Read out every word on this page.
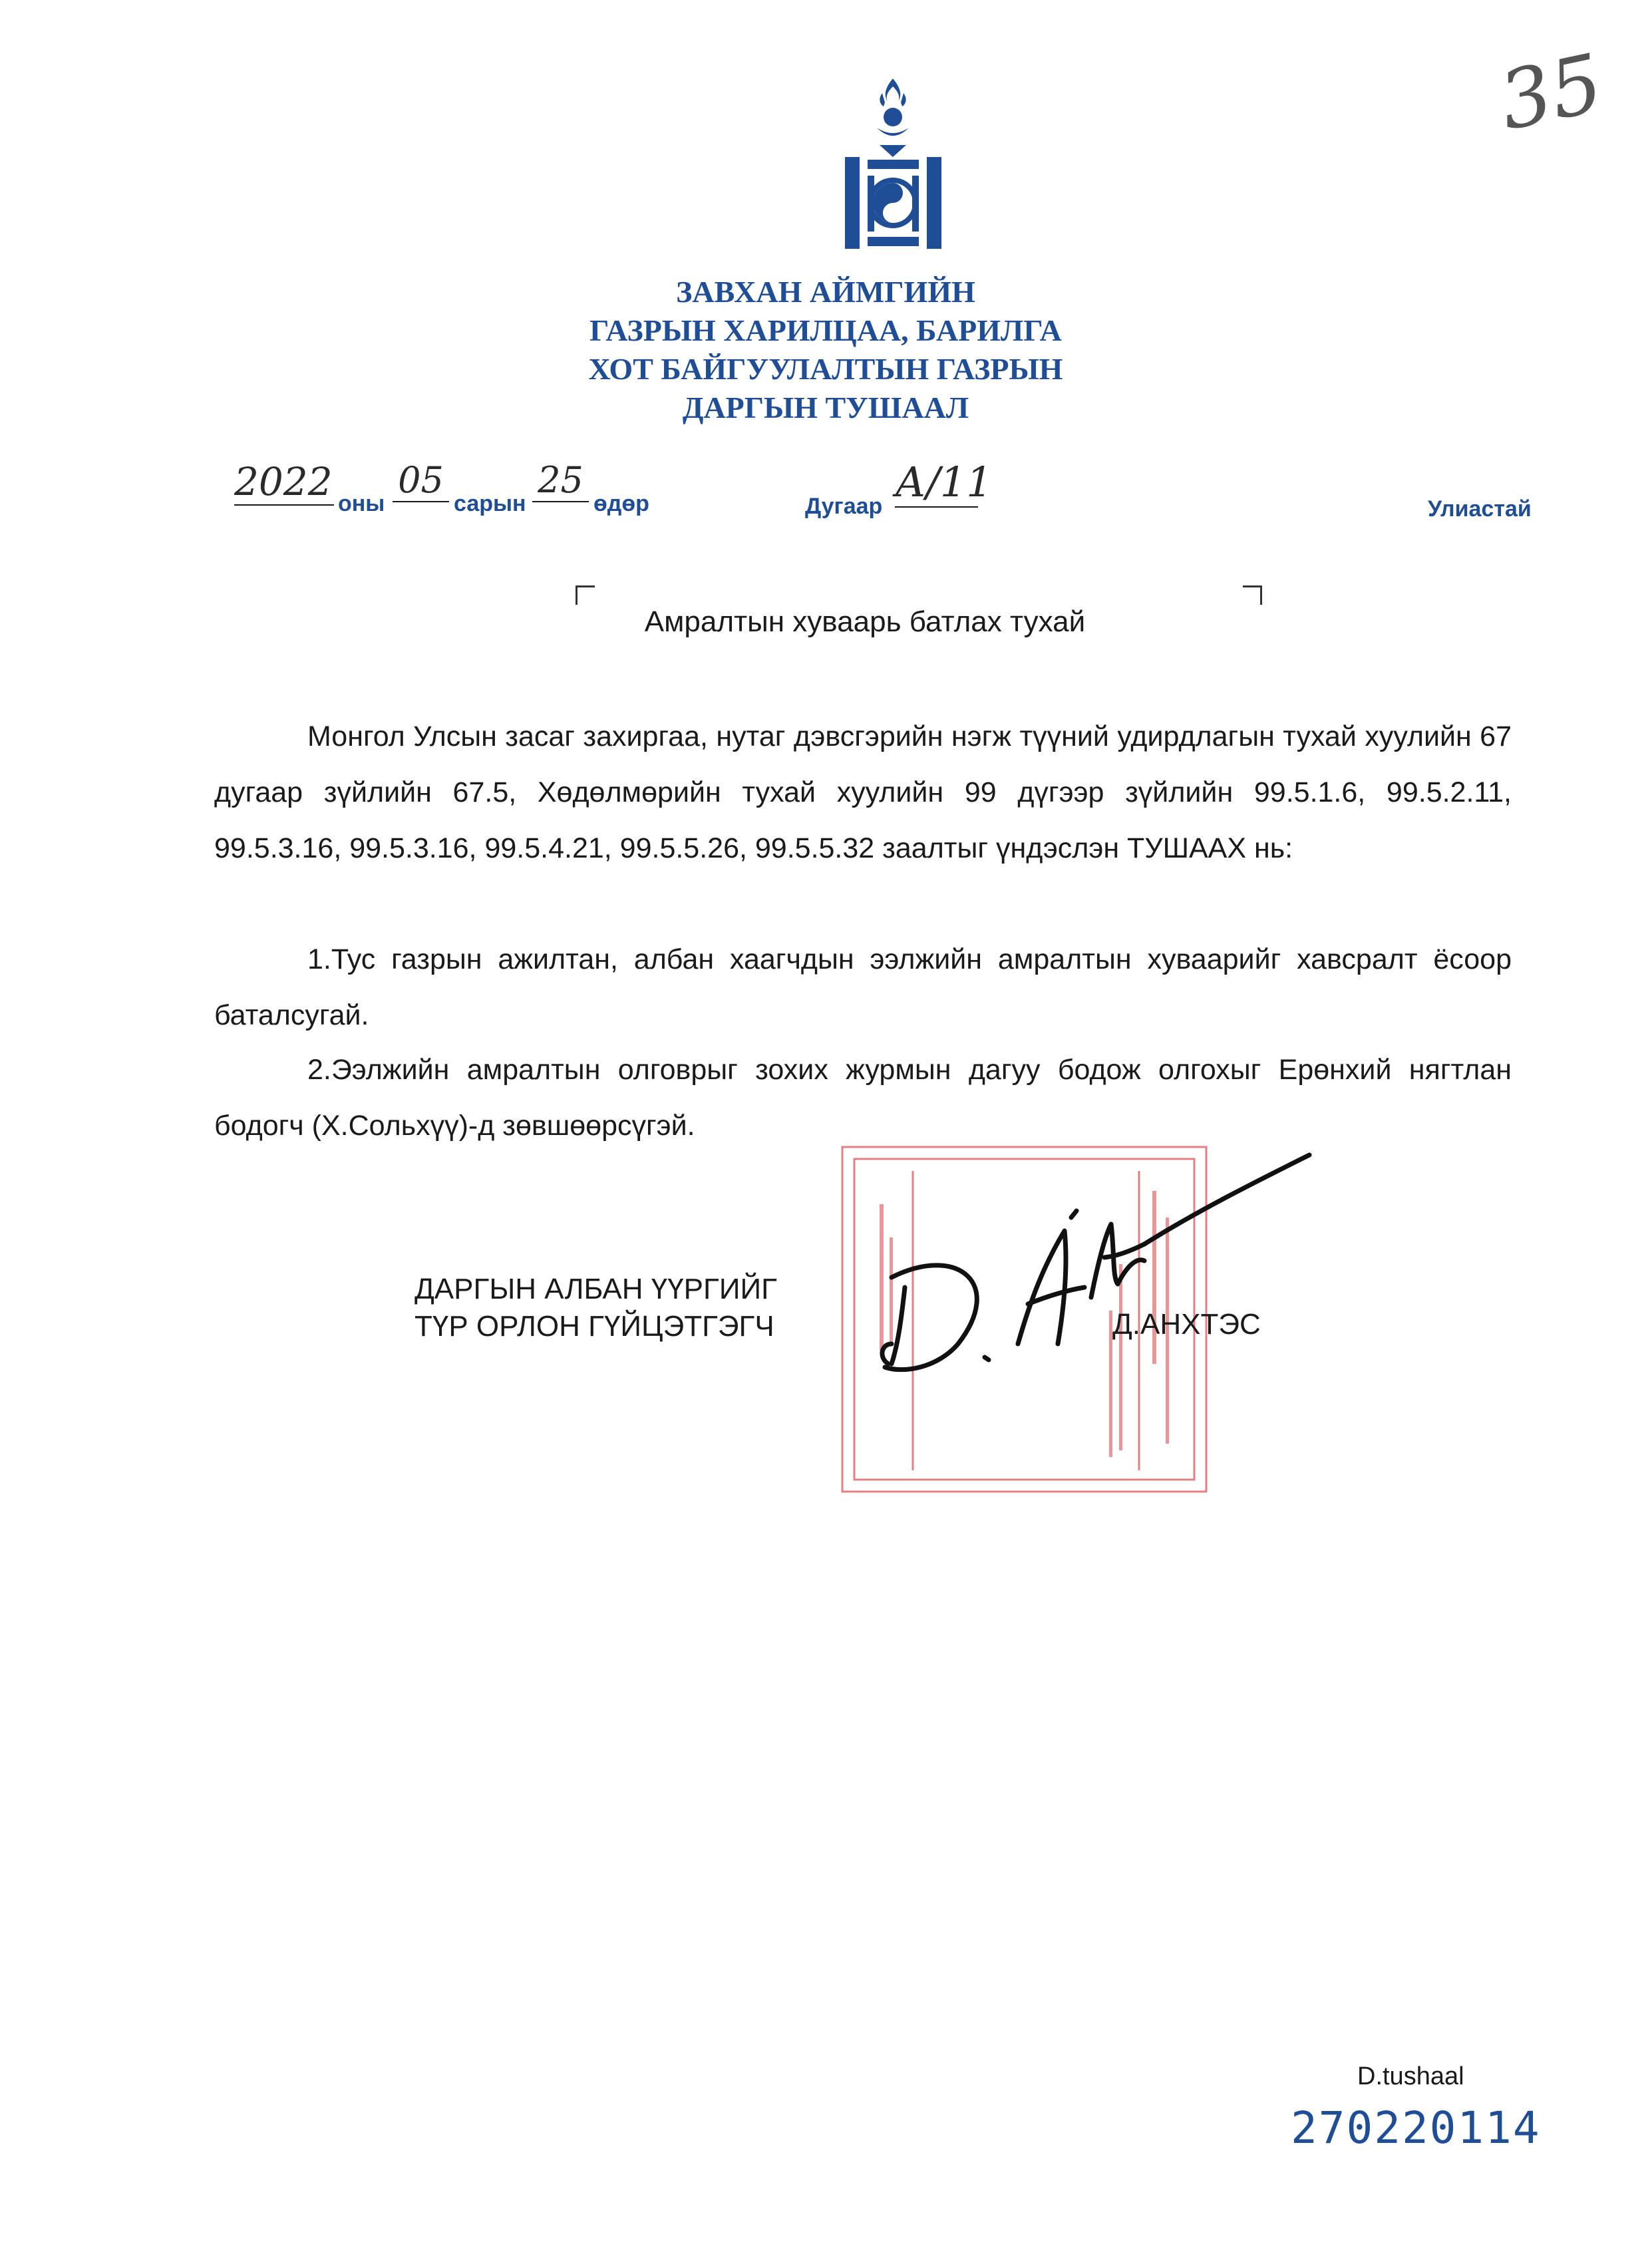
35
ЗАВХАН АЙМГИЙН
ГАЗРЫН ХАРИЛЦАА, БАРИЛГА
ХОТ БАЙГУУЛАЛТЫН ГАЗРЫН
ДАРГЫН ТУШААЛ
2022 оны
05
сарын
25
өдөр	Дугаар А/11
Улиастай
Амралтын хуваарь батлах тухай
Монгол Улсын засаг захиргаа, нутаг дэвсгэрийн нэгж түүний удирдлагын тухай хуулийн 67 дугаар зүйлийн 67.5, Хөдөлмөрийн тухай хуулийн 99 дүгээр зүйлийн 99.5.1.6, 99.5.2.11, 99.5.3.16, 99.5.3.16, 99.5.4.21, 99.5.5.26, 99.5.5.32 заалтыг үндэслэн ТУШААХ нь:
1.Тус газрын ажилтан, албан хаагчдын ээлжийн амралтын хуваарийг хавсралт ёсоор баталсугай.
2.Ээлжийн амралтын олговрыг зохих журмын дагуу бодож олгохыг Ерөнхий нягтлан бодогч (Х.Сольхүү)-д зөвшөөрсүгэй.
ДАРГЫН АЛБАН ҮҮРГИЙГ
ТҮР ОРЛОН ГҮЙЦЭТГЭГЧ	Д.АНХТЭС
D.tushaal
270220114
